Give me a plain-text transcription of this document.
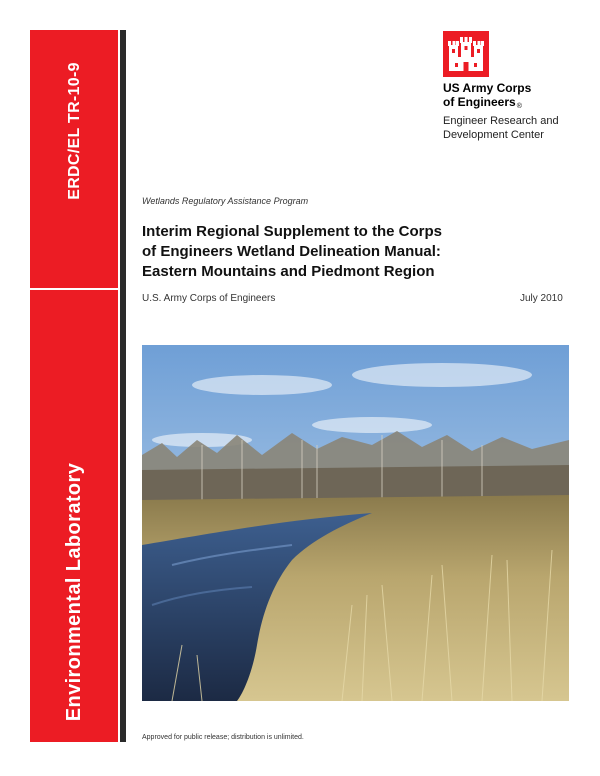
ERDC/EL TR-10-9
Environmental Laboratory
US Army Corps
of Engineers®
Engineer Research and
Development Center
Wetlands Regulatory Assistance Program
Interim Regional Supplement to the Corps
of Engineers Wetland Delineation Manual:
Eastern Mountains and Piedmont Region
U.S. Army Corps of Engineers	July 2010
Approved for public release; distribution is unlimited.
